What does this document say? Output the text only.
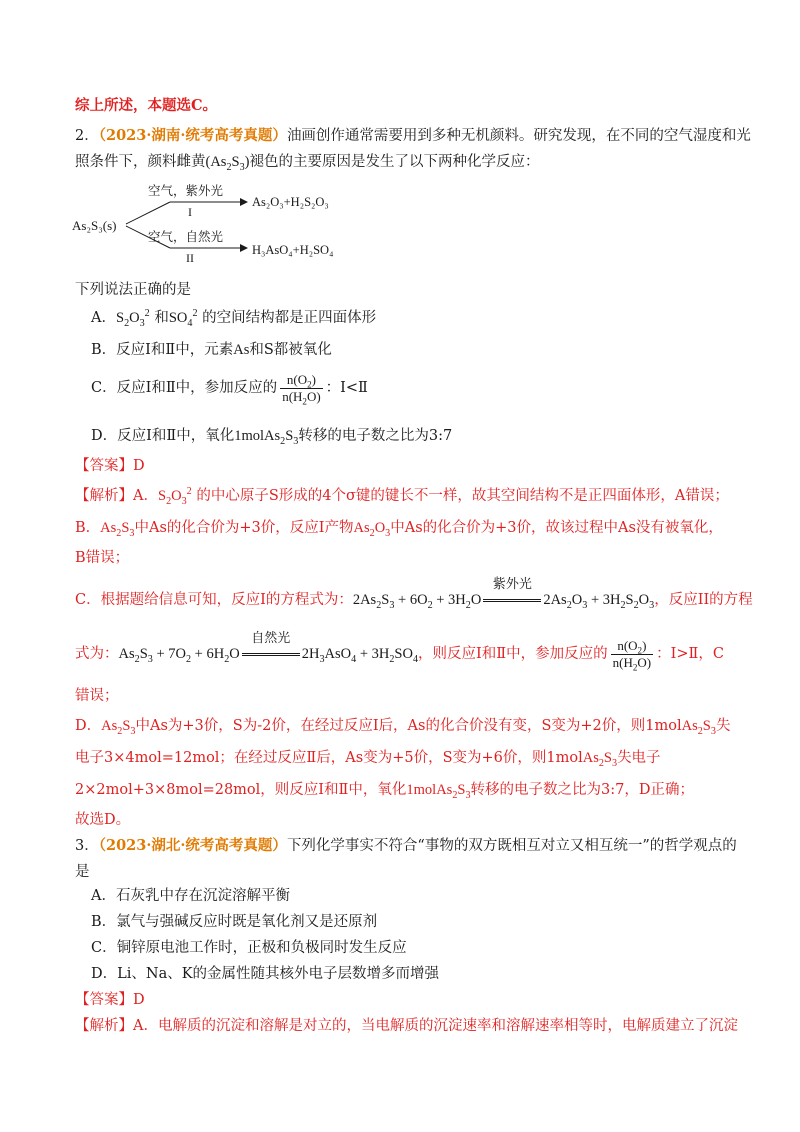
综上所述，本题选C。
2．（2023·湖南·统考高考真题）油画创作通常需要用到多种无机颜料。研究发现，在不同的空气湿度和光
照条件下，颜料雌黄$(As_2S_3)$褪色的主要原因是发生了以下两种化学反应：
As₂S₃(s)
空气，紫外光
I
As₂O₃+H₂S₂O₃
空气，自然光
II
H₃AsO₄+H₂SO₄
下列说法正确的是
A．$S_2O_3^2$ 和$SO_4^2$ 的空间结构都是正四面体形
B．反应Ⅰ和Ⅱ中，元素As和S都被氧化
C．反应Ⅰ和Ⅱ中，参加反应的 $\frac{n(O_2)}{n(H_2O)}$ ：Ⅰ<Ⅱ
D．反应Ⅰ和Ⅱ中，氧化$1molAs_2S_3$转移的电子数之比为3:7
【答案】D
【解析】A．$S_2O_3^2$ 的中心原子S形成的4个σ键的键长不一样，故其空间结构不是正四面体形，A错误；
B．$As_2S_3$中As的化合价为+3价，反应Ⅰ产物$As_2O_3$中As的化合价为+3价，故该过程中As没有被氧化，
B错误；
C．根据题给信息可知，反应I的方程式为：$2As_2S_3 + 6O_2 + 3H_2O$
紫外光
$2As_2O_3 + 3H_2S_2O_3$，反应II的方程
式为：$As_2S_3 + 7O_2 + 6H_2O$
自然光
$2H_3AsO_4 + 3H_2SO_4$，则反应Ⅰ和Ⅱ中，参加反应的 $\frac{n(O_2)}{n(H_2O)}$ ：Ⅰ>Ⅱ，C
错误；
D．$As_2S_3$中As为+3价，S为-2价，在经过反应Ⅰ后，As的化合价没有变，S变为+2价，则$1molAs_2S_3$失
电子3×4mol=12mol；在经过反应Ⅱ后，As变为+5价，S变为+6价，则$1molAs_2S_3$失电子
2×2mol+3×8mol=28mol，则反应Ⅰ和Ⅱ中，氧化$1molAs_2S_3$转移的电子数之比为3:7，D正确；
故选D。
3．（2023·湖北·统考高考真题）下列化学事实不符合“事物的双方既相互对立又相互统一”的哲学观点的
是
A．石灰乳中存在沉淀溶解平衡
B．氯气与强碱反应时既是氧化剂又是还原剂
C．铜锌原电池工作时，正极和负极同时发生反应
D．Li、Na、K的金属性随其核外电子层数增多而增强
【答案】D
【解析】A．电解质的沉淀和溶解是对立的，当电解质的沉淀速率和溶解速率相等时，电解质建立了沉淀
